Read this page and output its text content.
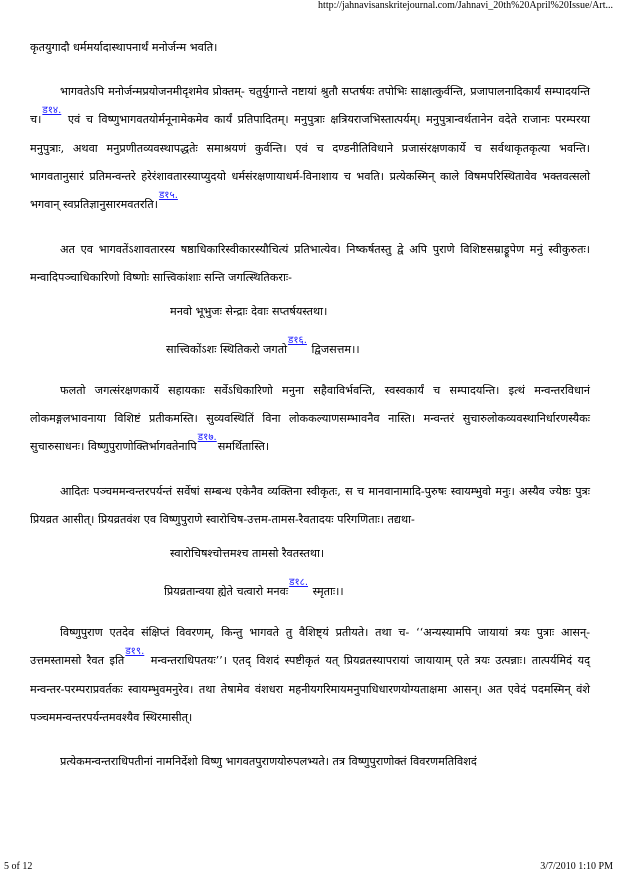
http://jahnavisanskritejournal.com/Jahnavi_20th%20April%20Issue/Art...

कृतयुगादौ धर्ममर्यादास्थापनार्थं मनोर्जन्म भवति।

भागवतेऽपि मनोर्जन्मप्रयोजनमीदृशमेव प्रोक्तम्- चतुर्युगान्ते नष्टायां श्रुतौ सप्तर्षयः तपोभिः साक्षात्कुर्वन्ति, प्रजापालनादिकार्यं सम्पादयन्ति च।ड१४. एवं च विष्णुभागवतयोर्मनूनामेकमेव कार्यं प्रतिपादितम्। मनुपुत्राः क्षत्रियराजभिस्तात्पर्यम्। मनुपुत्रान्वर्थतानेन वदेते राजानः परम्परया मनुपुत्राः, अथवा मनुप्रणीतव्यवस्थापद्धतेः समाश्रयणं कुर्वन्ति। एवं च दण्डनीतिविधाने प्रजासंरक्षणकार्ये च सर्वथाकृतकृत्या भवन्ति। भागवतानुसारं प्रतिमन्वन्तरे हरेरंशावतारस्याप्युदयो धर्मसंरक्षणायाधर्म-विनाशाय च भवति। प्रत्येकस्मिन् काले विषमपरिस्थितावेव भक्तवत्सलो भगवान् स्वप्रतिज्ञानुसारमवतरति।ड१५.

अत एव भागवतेंऽशावतारस्य षष्ठाधिकारिस्वीकारस्यौचित्यं प्रतिभात्येव। निष्कर्षतस्तु द्वे अपि पुराणे विशिष्टसम्राड्रूपेण मनुं स्वीकुरुतः। मन्वादिपञ्चाधिकारिणो विष्णोः सात्त्विकांशाः सन्ति जगत्स्थितिकराः-

मनवो भूभुजः सेन्द्राः देवाः सप्तर्षयस्तथा।
सात्त्विकोंऽशः स्थितिकरो जगतोड१६. द्विजसत्तम।।

फलतो जगत्संरक्षणकार्ये सहायकाः सर्वेऽधिकारिणो मनुना सहैवाविर्भवन्ति, स्वस्वकार्यं च सम्पादयन्ति। इत्थं मन्वन्तरविधानं लोकमङ्गलभावनाया विशिष्टं प्रतीकमस्ति। सुव्यवस्थितिं विना लोककल्याणसम्भावनैव नास्ति। मन्वन्तरं सुचारुलोकव्यवस्थानिर्धारणस्यैकः सुचारुसाधनः। विष्णुपुराणोक्तिर्भागवतेनापिड१७.समर्थितास्ति।

आदितः पञ्चममन्वन्तरपर्यन्तं सर्वेषां सम्बन्ध एकेनैव व्यक्तिना स्वीकृतः, स च मानवानामादि-पुरुषः स्वायम्भुवो मनुः। अस्यैव ज्येष्ठः पुत्रः प्रियव्रत आसीत्। प्रियव्रतवंश एव विष्णुपुराणे स्वारोचिष-उत्तम-तामस-रैवतादयः परिगणिताः। तद्यथा-

स्वारोचिषश्चोत्तमश्च तामसो रैवतस्तथा।
प्रियव्रतान्वया ह्येते चत्वारो मनवःड१८. स्मृताः।।

विष्णुपुराण एतदेव संक्षिप्तं विवरणम्, किन्तु भागवते तु वैशिष्ट्यं प्रतीयते। तथा च- ‘‘अन्यस्यामपि जायायां त्रयः पुत्राः आसन्- उत्तमस्तामसो रैवत इतिड१९. मन्वन्तराधिपतयः’’। एतद् विशदं स्पष्टीकृतं यत् प्रियव्रतस्यापरायां जायायाम् एते त्रयः उत्पन्नाः। तात्पर्यमिदं यद् मन्वन्तर-परम्पराप्रवर्तकः स्वायम्भुवमनुरेव। तथा तेषामेव वंशधरा महनीयगरिमायमनुपाधिधारणयोग्यताक्षमा आसन्। अत एवेदं पदमस्मिन् वंशे पञ्चममन्वन्तरपर्यन्तमवश्यैव स्थिरमासीत्।

प्रत्येकमन्वन्तराधिपतीनां नामनिर्देशो विष्णु भागवतपुराणयोरुपलभ्यते। तत्र विष्णुपुराणोक्तं विवरणमतिविशदं

5 of 12	3/7/2010 1:10 PM
